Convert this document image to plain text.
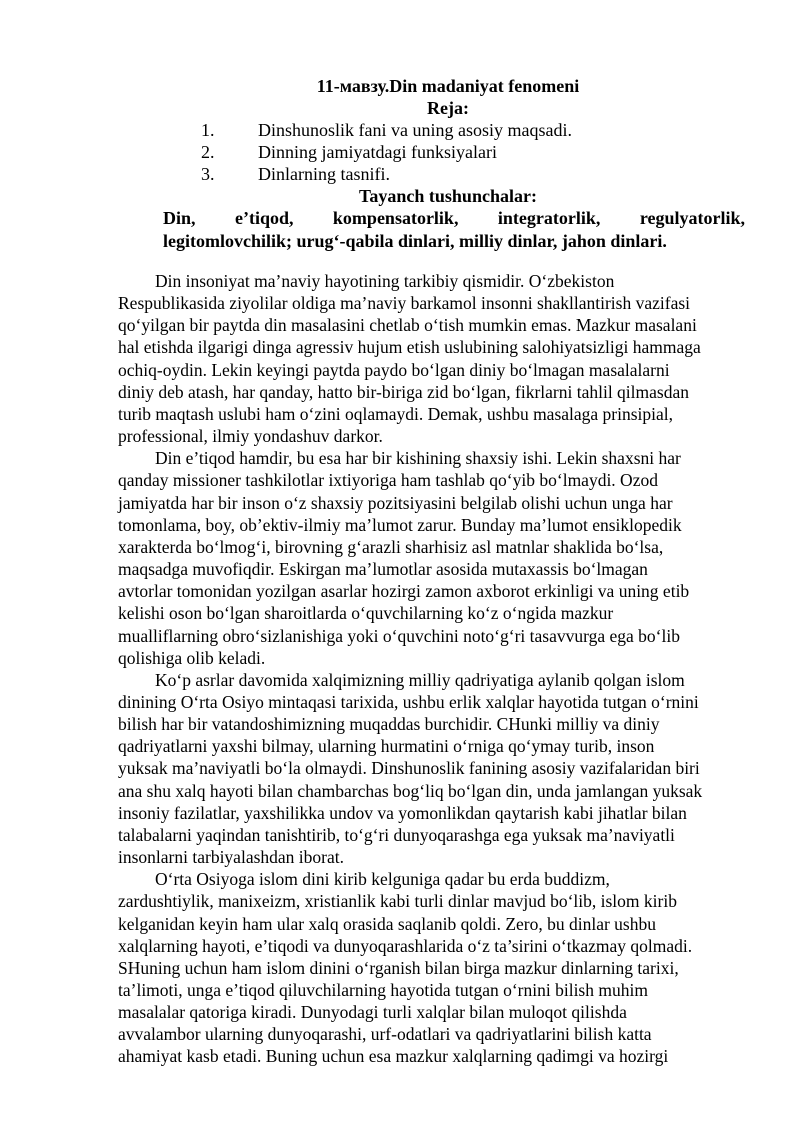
11-мавзу.Din madaniyat fenomeni
Reja:
1. Dinshunoslik fani va uning asosiy maqsadi.
2. Dinning jamiyatdagi funksiyalari
3. Dinlarning tasnifi.
Tayanch tushunchalar:
Din, e’tiqod, kompensatorlik, integratorlik, regulyatorlik,
legitomlovchilik; urug‘-qabila dinlari, milliy dinlar, jahon dinlari.

Din insoniyat ma’naviy hayotining tarkibiy qismidir. O‘zbekiston
Respublikasida ziyolilar oldiga ma’naviy barkamol insonni shakllantirish vazifasi
qo‘yilgan bir paytda din masalasini chetlab o‘tish mumkin emas. Mazkur masalani
hal etishda ilgarigi dinga agressiv hujum etish uslubining salohiyatsizligi hammaga
ochiq-oydin. Lekin keyingi paytda paydo bo‘lgan diniy bo‘lmagan masalalarni
diniy deb atash, har qanday, hatto bir-biriga zid bo‘lgan, fikrlarni tahlil qilmasdan
turib maqtash uslubi ham o‘zini oqlamaydi. Demak, ushbu masalaga prinsipial,
professional, ilmiy yondashuv darkor.

Din e’tiqod hamdir, bu esa har bir kishining shaxsiy ishi. Lekin shaxsni har
qanday missioner tashkilotlar ixtiyoriga ham tashlab qo‘yib bo‘lmaydi. Ozod
jamiyatda har bir inson o‘z shaxsiy pozitsiyasini belgilab olishi uchun unga har
tomonlama, boy, ob’ektiv-ilmiy ma’lumot zarur. Bunday ma’lumot ensiklopedik
xarakterda bo‘lmog‘i, birovning g‘arazli sharhisiz asl matnlar shaklida bo‘lsa,
maqsadga muvofiqdir. Eskirgan ma’lumotlar asosida mutaxassis bo‘lmagan
avtorlar tomonidan yozilgan asarlar hozirgi zamon axborot erkinligi va uning etib
kelishi oson bo‘lgan sharoitlarda o‘quvchilarning ko‘z o‘ngida mazkur
mualliflarning obro‘sizlanishiga yoki o‘quvchini noto‘g‘ri tasavvurga ega bo‘lib
qolishiga olib keladi.

Ko‘p asrlar davomida xalqimizning milliy qadriyatiga aylanib qolgan islom
dinining O‘rta Osiyo mintaqasi tarixida, ushbu erlik xalqlar hayotida tutgan o‘rnini
bilish har bir vatandoshimizning muqaddas burchidir. CHunki milliy va diniy
qadriyatlarni yaxshi bilmay, ularning hurmatini o‘rniga qo‘ymay turib, inson
yuksak ma’naviyatli bo‘la olmaydi. Dinshunoslik fanining asosiy vazifalaridan biri
ana shu xalq hayoti bilan chambarchas bog‘liq bo‘lgan din, unda jamlangan yuksak
insoniy fazilatlar, yaxshilikka undov va yomonlikdan qaytarish kabi jihatlar bilan
talabalarni yaqindan tanishtirib, to‘g‘ri dunyoqarashga ega yuksak ma’naviyatli
insonlarni tarbiyalashdan iborat.

O‘rta Osiyoga islom dini kirib kelguniga qadar bu erda buddizm,
zardushtiylik, manixeizm, xristianlik kabi turli dinlar mavjud bo‘lib, islom kirib
kelganidan keyin ham ular xalq orasida saqlanib qoldi. Zero, bu dinlar ushbu
xalqlarning hayoti, e’tiqodi va dunyoqarashlarida o‘z ta’sirini o‘tkazmay qolmadi.
SHuning uchun ham islom dinini o‘rganish bilan birga mazkur dinlarning tarixi,
ta’limoti, unga e’tiqod qiluvchilarning hayotida tutgan o‘rnini bilish muhim
masalalar qatoriga kiradi. Dunyodagi turli xalqlar bilan muloqot qilishda
avvalambor ularning dunyoqarashi, urf-odatlari va qadriyatlarini bilish katta
ahamiyat kasb etadi. Buning uchun esa mazkur xalqlarning qadimgi va hozirgi
